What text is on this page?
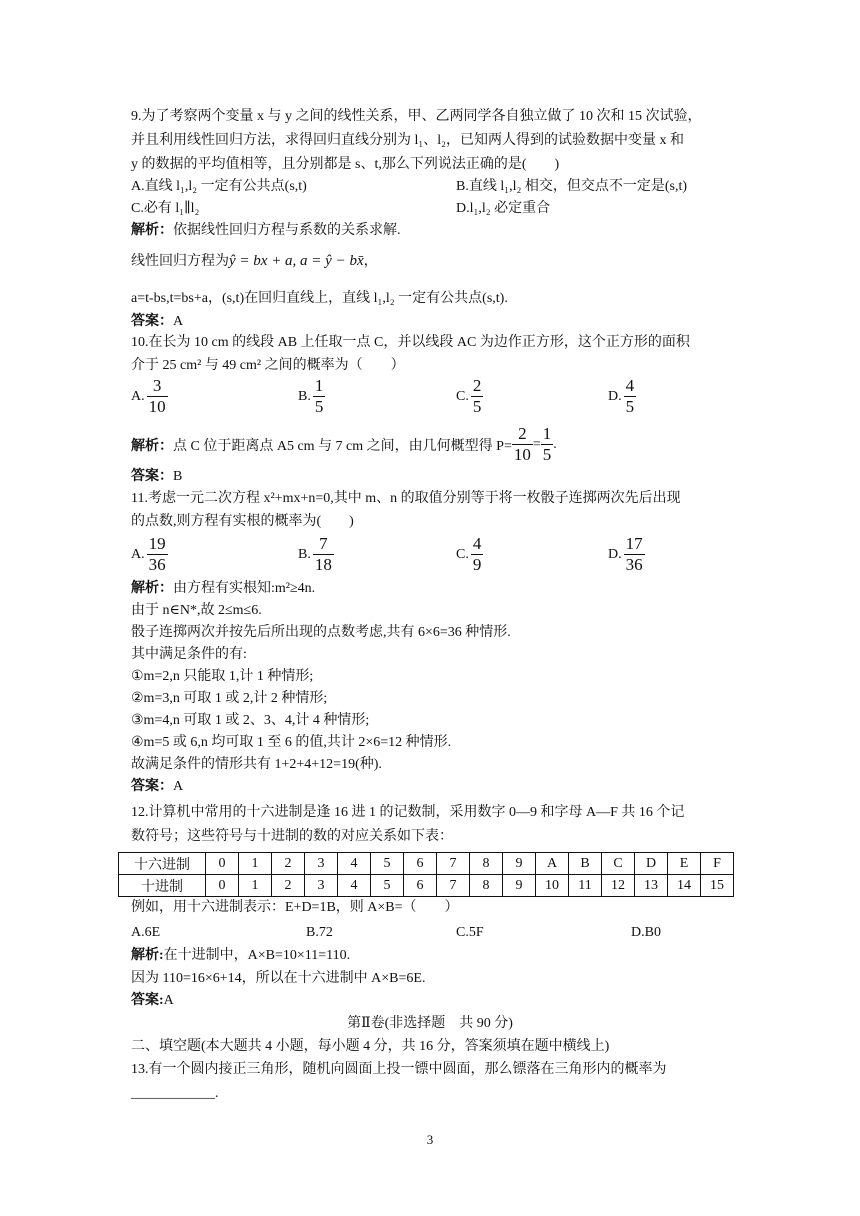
9.为了考察两个变量 x 与 y 之间的线性关系，甲、乙两同学各自独立做了 10 次和 15 次试验，
并且利用线性回归方法，求得回归直线分别为 l₁、l₂，已知两人得到的试验数据中变量 x 和
y 的数据的平均值相等，且分别都是 s、t,那么下列说法正确的是(　　)
A.直线 l₁,l₂ 一定有公共点(s,t)	B.直线 l₁,l₂ 相交，但交点不一定是(s,t)
C.必有 l₁∥l₂	D.l₁,l₂ 必定重合
解析：依据线性回归方程与系数的关系求解.
线性回归方程为ŷ = bx + a, a = ŷ − bx̄，
a=t-bs,t=bs+a，(s,t)在回归直线上，直线 l₁,l₂ 一定有公共点(s,t).
答案：A
10.在长为 10 cm 的线段 AB 上任取一点 C，并以线段 AC 为边作正方形，这个正方形的面积
介于 25 cm² 与 49 cm² 之间的概率为（　　）
A. $\frac{3}{10}$	B. $\frac{1}{5}$	C. $\frac{2}{5}$	D. $\frac{4}{5}$
解析： 点 C 位于距离点 A5 cm 与 7 cm 之间，由几何概型得 $P= \frac{2}{10} = \frac{1}{5}$ .
答案：B
11.考虑一元二次方程 x²+mx+n=0,其中 m、n 的取值分别等于将一枚骰子连掷两次先后出现
的点数,则方程有实根的概率为(　　)
A. $\frac{19}{36}$	B. $\frac{7}{18}$	C. $\frac{4}{9}$	D. $\frac{17}{36}$
解析：由方程有实根知:m²≥4n.
由于 n∈N*,故 2≤m≤6.
骰子连掷两次并按先后所出现的点数考虑,共有 6×6=36 种情形.
其中满足条件的有:
①m=2,n 只能取 1,计 1 种情形;
②m=3,n 可取 1 或 2,计 2 种情形;
③m=4,n 可取 1 或 2、3、4,计 4 种情形;
④m=5 或 6,n 均可取 1 至 6 的值,共计 2×6=12 种情形.
故满足条件的情形共有 1+2+4+12=19(种).
答案：A
12.计算机中常用的十六进制是逢 16 进 1 的记数制，采用数字 0—9 和字母 A—F 共 16 个记
数符号；这些符号与十进制的数的对应关系如下表：
十六进制	0	1	2	3	4	5	6	7	8	9	A	B	C	D	E	F
十进制	0	1	2	3	4	5	6	7	8	9	10	11	12	13	14	15
例如，用十六进制表示：E+D=1B，则 A×B=（　　）
A.6E	B.72	C.5F	D.B0
解析:在十进制中，A×B=10×11=110.
因为 110=16×6+14，所以在十六进制中 A×B=6E.
答案:A
第Ⅱ卷(非选择题　共 90 分)
二、填空题(本大题共 4 小题，每小题 4 分，共 16 分，答案须填在题中横线上)
13.有一个圆内接正三角形，随机向圆面上投一镖中圆面，那么镖落在三角形内的概率为
____________.
3
